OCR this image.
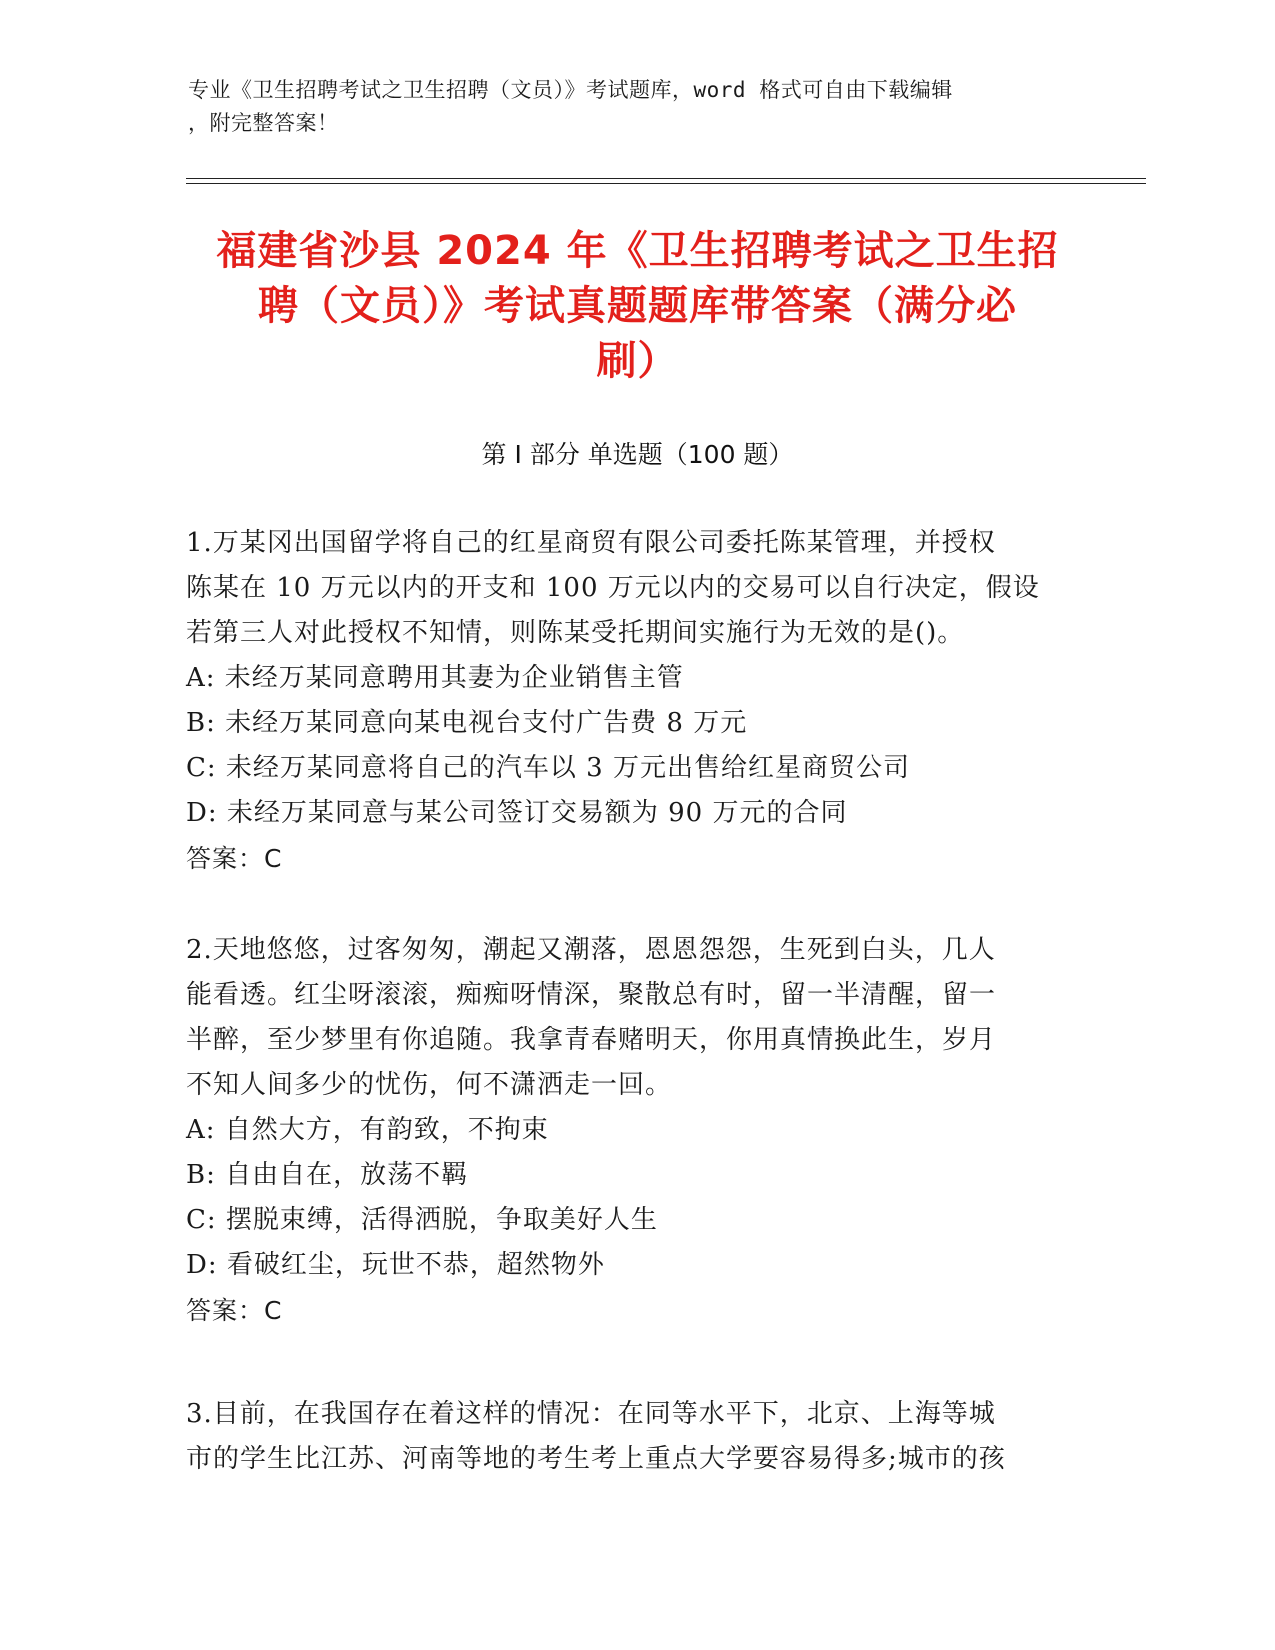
专业《卫生招聘考试之卫生招聘（文员）》考试题库，word 格式可自由下载编辑
，附完整答案！
福建省沙县 2024 年《卫生招聘考试之卫生招
聘（文员）》考试真题题库带答案（满分必
刷）
第 I 部分 单选题（100 题）

1.万某冈出国留学将自己的红星商贸有限公司委托陈某管理，并授权

陈某在 10 万元以内的开支和 100 万元以内的交易可以自行决定，假设

若第三人对此授权不知情，则陈某受托期间实施行为无效的是()。

A: 未经万某同意聘用其妻为企业销售主管

B: 未经万某同意向某电视台支付广告费 8 万元

C: 未经万某同意将自己的汽车以 3 万元出售给红星商贸公司

D: 未经万某同意与某公司签订交易额为 90 万元的合同

答案：C

2.天地悠悠，过客匆匆，潮起又潮落，恩恩怨怨，生死到白头，几人

能看透。红尘呀滚滚，痴痴呀情深，聚散总有时，留一半清醒，留一

半醉，至少梦里有你追随。我拿青春赌明天，你用真情换此生，岁月

不知人间多少的忧伤，何不潇洒走一回。

A: 自然大方，有韵致，不拘束

B: 自由自在，放荡不羁

C: 摆脱束缚，活得洒脱，争取美好人生

D: 看破红尘，玩世不恭，超然物外

答案：C

3.目前，在我国存在着这样的情况：在同等水平下，北京、上海等城

市的学生比江苏、河南等地的考生考上重点大学要容易得多;城市的孩
